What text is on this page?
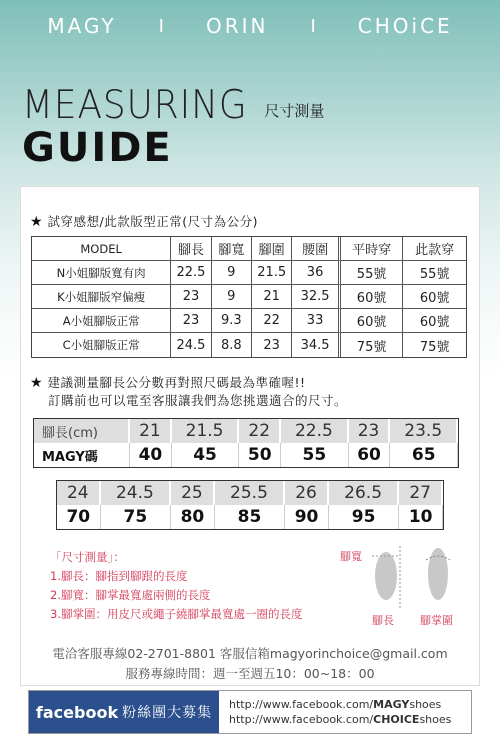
MAGY	I	ORIN	I	CHOiCE
MEASURING 尺寸測量
GUIDE
★ 試穿感想/此款版型正常(尺寸為公分)
MODEL	腳長	腳寬	腳圍	腰圍	平時穿	此款穿
N小姐腳版寬有肉	22.5	9	21.5	36	55號	55號
K小姐腳版窄偏瘦	23	9	21	32.5	60號	60號
A小姐腳版正常	23	9.3	22	33	60號	60號
C小姐腳版正常	24.5	8.8	23	34.5	75號	75號
★ 建議測量腳長公分數再對照尺碼最為準確喔!!
訂購前也可以電至客服讓我們為您挑選適合的尺寸。
腳長(cm)	21	21.5	22	22.5	23	23.5
MAGY碼	40	45	50	55	60	65
24	24.5	25	25.5	26	26.5	27
70	75	80	85	90	95	10
「尺寸測量」：
1.腳長：腳指到腳跟的長度
2.腳寬：腳掌最寬處兩側的長度
3.腳掌圍：用皮尺或繩子繞腳掌最寬處一圈的長度
腳寬
腳長 腳掌圍
電洽客服專線02-2701-8801 客服信箱magyorinchoice@gmail.com
服務專線時間：週一至週五10：00~18：00
facebook 粉絲團大募集
http://www.facebook.com/MAGYshoes
http://www.facebook.com/CHOICEshoes
